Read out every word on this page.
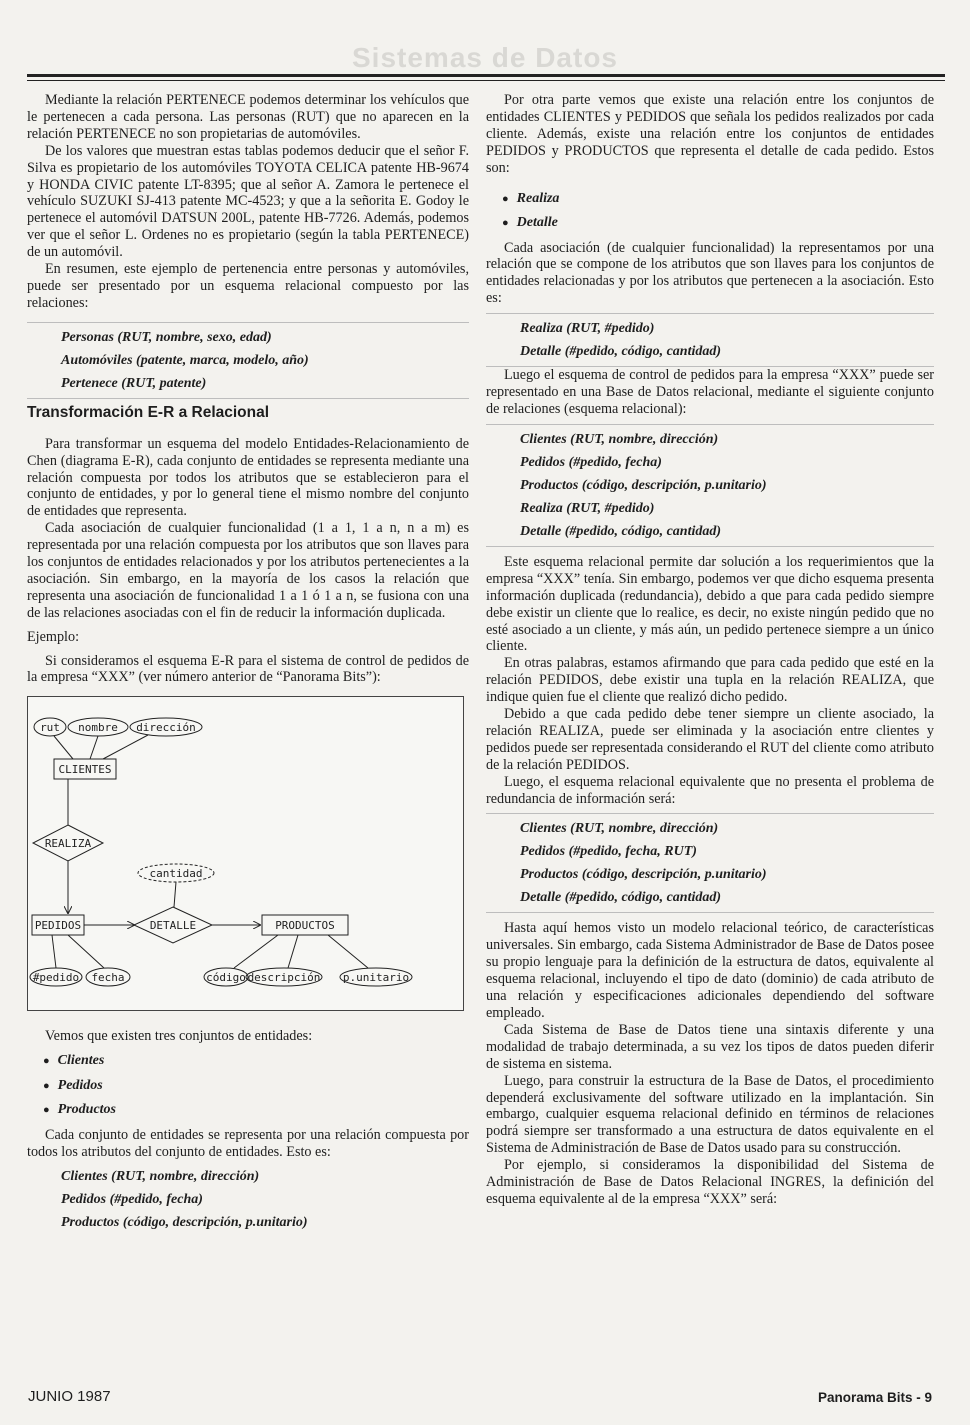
Sistemas de Datos

Mediante la relación PERTENECE podemos determinar los vehículos que le pertenecen a cada persona. Las personas (RUT) que no aparecen en la relación PERTENECE no son propietarias de automóviles.

De los valores que muestran estas tablas podemos deducir que el señor F. Silva es propietario de los automóviles TOYOTA CELICA patente HB-9674 y HONDA CIVIC patente LT-8395; que al señor A. Zamora le pertenece el vehículo SUZUKI SJ-413 patente MC-4523; y que a la señorita E. Godoy le pertenece el automóvil DATSUN 200L, patente HB-7726. Además, podemos ver que el señor L. Ordenes no es propietario (según la tabla PERTENECE) de un automóvil.

En resumen, este ejemplo de pertenencia entre personas y automóviles, puede ser presentado por un esquema relacional compuesto por las relaciones:

Personas (RUT, nombre, sexo, edad)

Automóviles (patente, marca, modelo, año)

Pertenece (RUT, patente)

Transformación E-R a Relacional

Para transformar un esquema del modelo Entidades-Relacionamiento de Chen (diagrama E-R), cada conjunto de entidades se representa mediante una relación compuesta por todos los atributos que se establecieron para el conjunto de entidades, y por lo general tiene el mismo nombre del conjunto de entidades que representa.

Cada asociación de cualquier funcionalidad (1 a 1, 1 a n, n a m) es representada por una relación compuesta por los atributos que son llaves para los conjuntos de entidades relacionados y por los atributos pertenecientes a la asociación. Sin embargo, en la mayoría de los casos la relación que representa una asociación de funcionalidad 1 a 1 ó 1 a n, se fusiona con una de las relaciones asociadas con el fin de reducir la información duplicada.

Ejemplo:

Si consideramos el esquema E-R para el sistema de control de pedidos de la empresa “XXX” (ver número anterior de “Panorama Bits”):

rut nombre dirección
CLIENTES
REALIZA
cantidad
PEDIDOS	DETALLE	PRODUCTOS
#pedido fecha	código descripción p.unitario

Vemos que existen tres conjuntos de entidades:

● Clientes
● Pedidos
● Productos

Cada conjunto de entidades se representa por una relación compuesta por todos los atributos del conjunto de entidades. Esto es:

Clientes (RUT, nombre, dirección)

Pedidos (#pedido, fecha)

Productos (código, descripción, p.unitario)

Por otra parte vemos que existe una relación entre los conjuntos de entidades CLIENTES y PEDIDOS que señala los pedidos realizados por cada cliente. Además, existe una relación entre los conjuntos de entidades PEDIDOS y PRODUCTOS que representa el detalle de cada pedido. Estos son:

● Realiza
● Detalle

Cada asociación (de cualquier funcionalidad) la representamos por una relación que se compone de los atributos que son llaves para los conjuntos de entidades relacionadas y por los atributos que pertenecen a la asociación. Esto es:

Realiza (RUT, #pedido)

Detalle (#pedido, código, cantidad)

Luego el esquema de control de pedidos para la empresa “XXX” puede ser representado en una Base de Datos relacional, mediante el siguiente conjunto de relaciones (esquema relacional):

Clientes (RUT, nombre, dirección)

Pedidos (#pedido, fecha)

Productos (código, descripción, p.unitario)

Realiza (RUT, #pedido)

Detalle (#pedido, código, cantidad)

Este esquema relacional permite dar solución a los requerimientos que la empresa “XXX” tenía. Sin embargo, podemos ver que dicho esquema presenta información duplicada (redundancia), debido a que para cada pedido siempre debe existir un cliente que lo realice, es decir, no existe ningún pedido que no esté asociado a un cliente, y más aún, un pedido pertenece siempre a un único cliente.

En otras palabras, estamos afirmando que para cada pedido que esté en la relación PEDIDOS, debe existir una tupla en la relación REALIZA, que indique quien fue el cliente que realizó dicho pedido.

Debido a que cada pedido debe tener siempre un cliente asociado, la relación REALIZA, puede ser eliminada y la asociación entre clientes y pedidos puede ser representada considerando el RUT del cliente como atributo de la relación PEDIDOS.

Luego, el esquema relacional equivalente que no presenta el problema de redundancia de información será:

Clientes (RUT, nombre, dirección)

Pedidos (#pedido, fecha, RUT)

Productos (código, descripción, p.unitario)

Detalle (#pedido, código, cantidad)

Hasta aquí hemos visto un modelo relacional teórico, de características universales. Sin embargo, cada Sistema Administrador de Base de Datos posee su propio lenguaje para la definición de la estructura de datos, equivalente al esquema relacional, incluyendo el tipo de dato (dominio) de cada atributo de una relación y especificaciones adicionales dependiendo del software empleado.

Cada Sistema de Base de Datos tiene una sintaxis diferente y una modalidad de trabajo determinada, a su vez los tipos de datos pueden diferir de sistema en sistema.

Luego, para construir la estructura de la Base de Datos, el procedimiento dependerá exclusivamente del software utilizado en la implantación. Sin embargo, cualquier esquema relacional definido en términos de relaciones podrá siempre ser transformado a una estructura de datos equivalente en el Sistema de Administración de Base de Datos usado para su construcción.

Por ejemplo, si consideramos la disponibilidad del Sistema de Administración de Base de Datos Relacional INGRES, la definición del esquema equivalente al de la empresa “XXX” será:

JUNIO 1987	Panorama Bits - 9
